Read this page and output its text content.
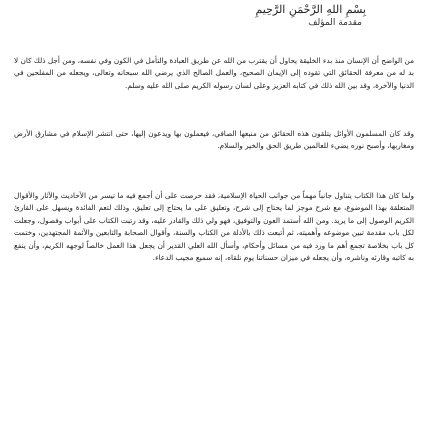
بِسْمِ اللهِ الرَّحْمَنِ الرَّحِيمِ
مقدمة المؤلف

من الواضح أن الإنسان منذ بدء الخليقة يحاول أن يقترب من الله عن طريق العبادة والتأمل في الكون وفي نفسه، ومن أجل ذلك كان لا بد له من معرفة الحقائق التي تقوده إلى الإيمان الصحيح، والعمل الصالح الذي يرضي الله سبحانه وتعالى، ويجعله من المفلحين في الدنيا والآخرة، وقد بين الله ذلك في كتابه العزيز وعلى لسان رسوله الكريم صلى الله عليه وسلم.

وقد كان المسلمون الأوائل يتلقون هذه الحقائق من منبعها الصافي، فيعملون بها ويدعون إليها، حتى انتشر الإسلام في مشارق الأرض ومغاربها، وأصبح نوره يضيء للعالمين طريق الحق والخير والسلام.

ولما كان هذا الكتاب يتناول جانباً مهماً من جوانب الحياة الإسلامية، فقد حرصت على أن أجمع فيه ما تيسر من الأحاديث والآثار والأقوال المتعلقة بهذا الموضوع، مع شرح موجز لما يحتاج إلى شرح، وتعليق على ما يحتاج إلى تعليق، وذلك لتعم الفائدة ويسهل على القارئ الكريم الوصول إلى ما يريد. ومن الله أستمد العون والتوفيق، فهو ولي ذلك والقادر عليه، وقد رتبت الكتاب على أبواب وفصول، وجعلت لكل باب مقدمة تبين موضوعه وأهميته، ثم أتبعت ذلك بالأدلة من الكتاب والسنة، وأقوال الصحابة والتابعين والأئمة المجتهدين، وختمت كل باب بخلاصة تجمع أهم ما ورد فيه من مسائل وأحكام، وأسأل الله العلي القدير أن يجعل هذا العمل خالصاً لوجهه الكريم، وأن ينفع به كاتبه وقارئه وناشره، وأن يجعله في ميزان حسناتنا يوم نلقاه، إنه سميع مجيب الدعاء.
